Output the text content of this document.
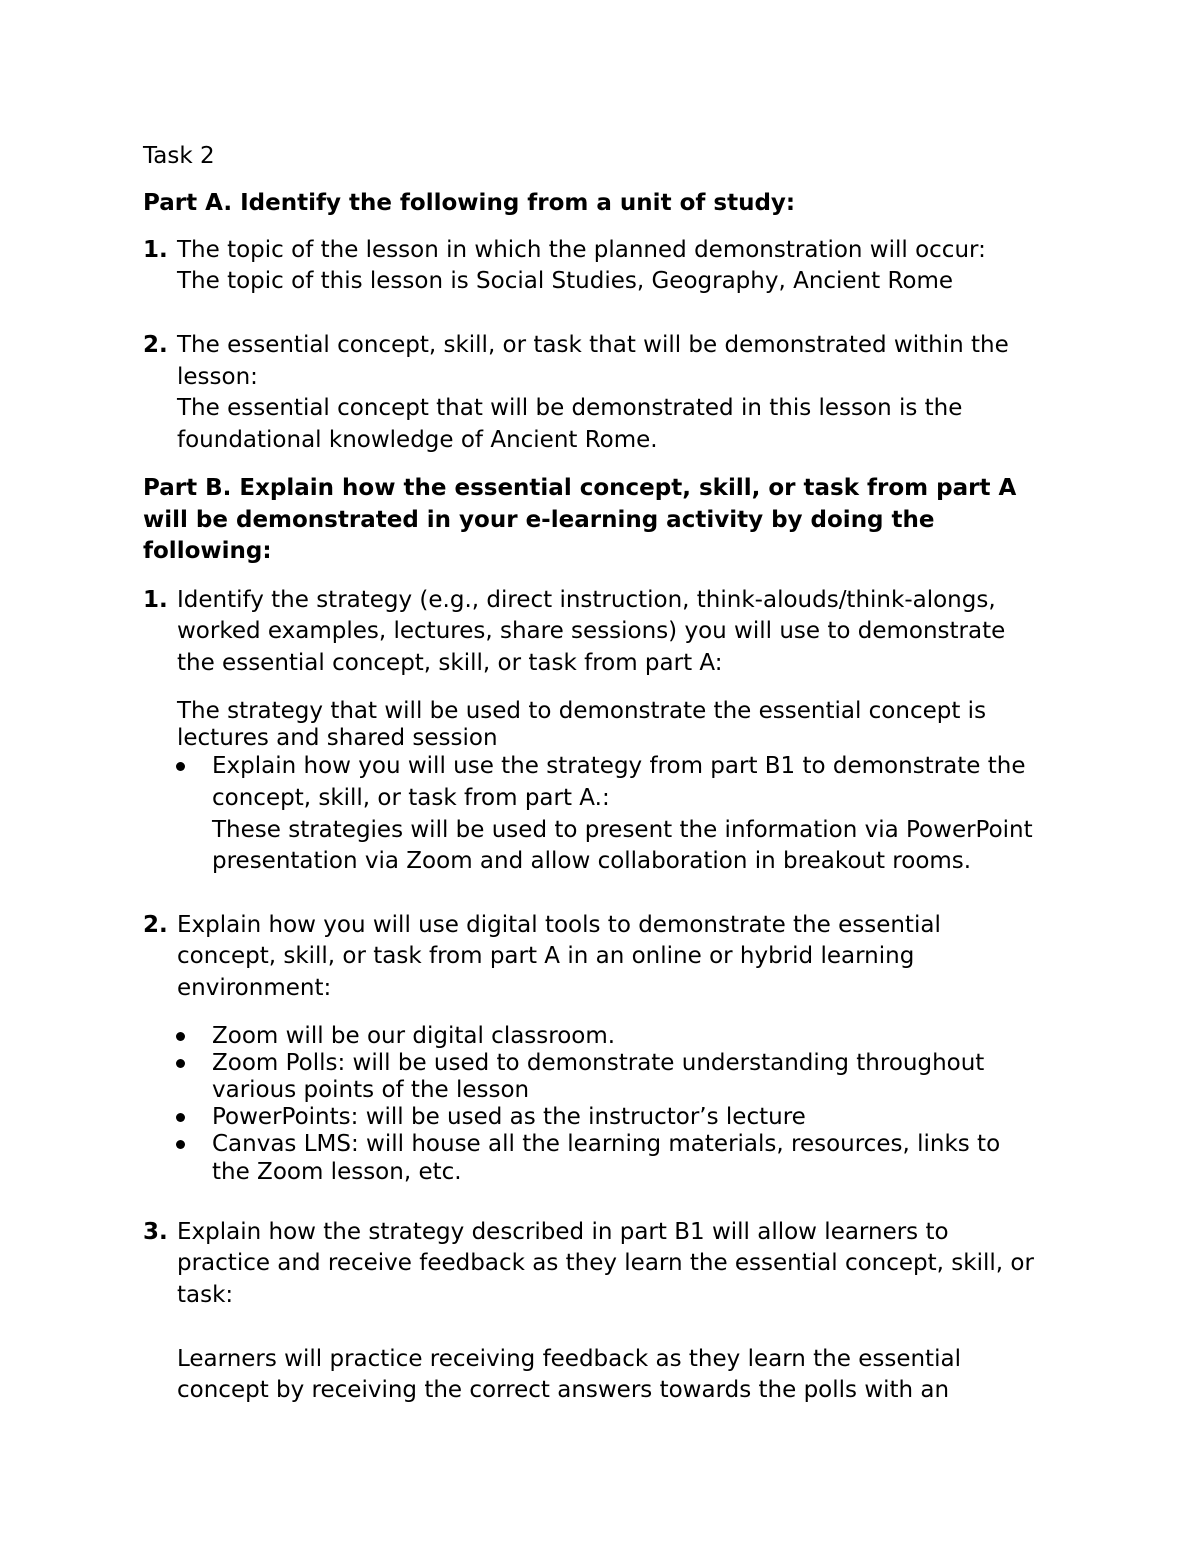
Task 2

Part A. Identify the following from a unit of study:

1. The topic of the lesson in which the planned demonstration will occur:

The topic of this lesson is Social Studies, Geography, Ancient Rome

2. The essential concept, skill, or task that will be demonstrated within the

lesson:

The essential concept that will be demonstrated in this lesson is the

foundational knowledge of Ancient Rome.

Part B. Explain how the essential concept, skill, or task from part A

will be demonstrated in your e-learning activity by doing the

following:

1. Identify the strategy (e.g., direct instruction, think-alouds/think-alongs,

worked examples, lectures, share sessions) you will use to demonstrate

the essential concept, skill, or task from part A:

The strategy that will be used to demonstrate the essential concept is

lectures and shared session

Explain how you will use the strategy from part B1 to demonstrate the

concept, skill, or task from part A.:

These strategies will be used to present the information via PowerPoint

presentation via Zoom and allow collaboration in breakout rooms.

2. Explain how you will use digital tools to demonstrate the essential

concept, skill, or task from part A in an online or hybrid learning

environment:

Zoom will be our digital classroom.

Zoom Polls: will be used to demonstrate understanding throughout

various points of the lesson

PowerPoints: will be used as the instructor’s lecture

Canvas LMS: will house all the learning materials, resources, links to

the Zoom lesson, etc.

3. Explain how the strategy described in part B1 will allow learners to

practice and receive feedback as they learn the essential concept, skill, or

task:

Learners will practice receiving feedback as they learn the essential

concept by receiving the correct answers towards the polls with an
